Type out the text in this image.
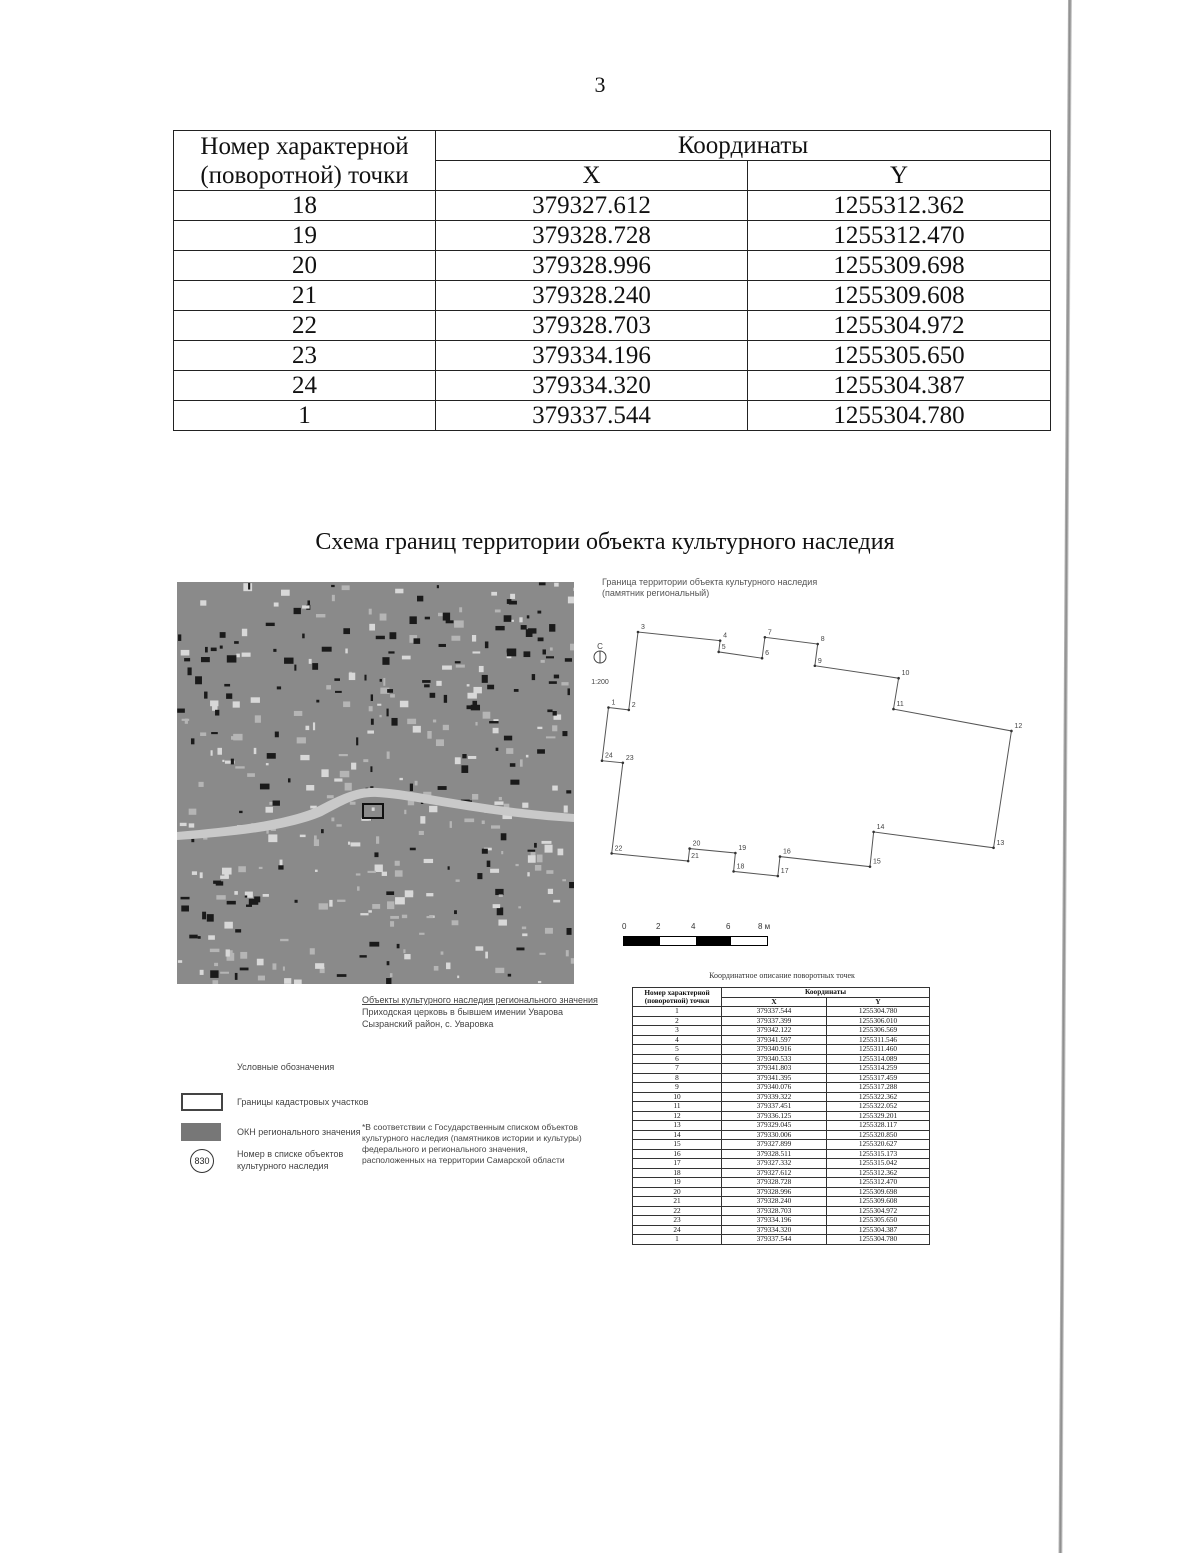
3
Номер характерной (поворотной) точки	Координаты	
	X	Y
18	379327.612	1255312.362
19	379328.728	1255312.470
20	379328.996	1255309.698
21	379328.240	1255309.608
22	379328.703	1255304.972
23	379334.196	1255305.650
24	379334.320	1255304.387
1	379337.544	1255304.780
Схема границ территории объекта культурного наследия
Объекты культурного наследия регионального значения
Приходская церковь в бывшем имении Уварова
Сызранский район, с. Уваровка
Условные обозначения
Границы кадастровых участков
ОКН регионального значения
830
Номер в списке объектов культурного наследия
*В соответствии с Государственным списком объектов культурного наследия (памятников истории и культуры) федерального и регионального значения, расположенных на территории Самарской области
Граница территории объекта культурного наследия
(памятник региональный)
С
1:200
1 2
3
4
5
6
7
8
9
10
11
12
13
14
15
16
17
18
19
20
21
22
23
24
0	2	4	6	8 м
Координатное описание поворотных точек
Номер характерной (поворотной) точки	Координаты	
	X	Y
1	379337.544	1255304.780
2	379337.399	1255306.010
3	379342.122	1255306.569
4	379341.597	1255311.546
5	379340.916	1255311.460
6	379340.533	1255314.089
7	379341.803	1255314.259
8	379341.395	1255317.459
9	379340.076	1255317.288
10	379339.322	1255322.362
11	379337.451	1255322.052
12	379336.125	1255329.201
13	379329.045	1255328.117
14	379330.006	1255320.850
15	379327.899	1255320.627
16	379328.511	1255315.173
17	379327.332	1255315.042
18	379327.612	1255312.362
19	379328.728	1255312.470
20	379328.996	1255309.698
21	379328.240	1255309.608
22	379328.703	1255304.972
23	379334.196	1255305.650
24	379334.320	1255304.387
1	379337.544	1255304.780
